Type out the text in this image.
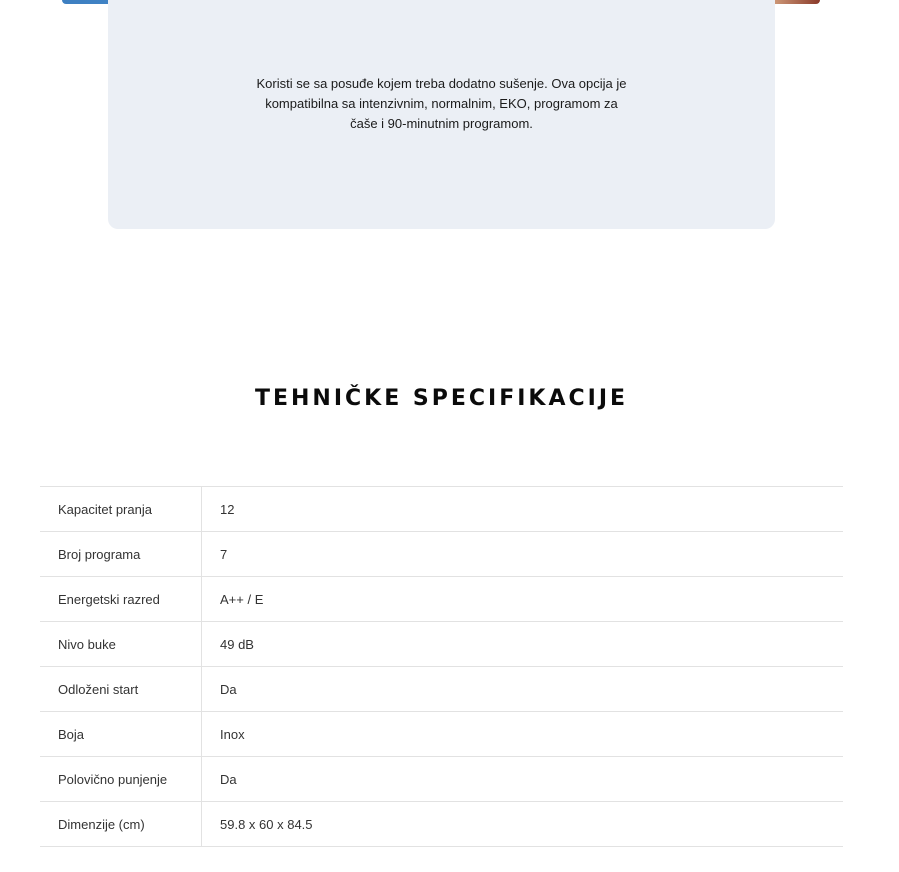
Koristi se sa posuđe kojem treba dodatno sušenje. Ova opcija je kompatibilna sa intenzivnim, normalnim, EKO, programom za čaše i 90-minutnim programom.
TEHNIČKE SPECIFIKACIJE
Kapacitet pranja	12
Broj programa	7
Energetski razred	A++ / E
Nivo buke	49 dB
Odloženi start	Da
Boja	Inox
Polovično punjenje	Da
Dimenzije (cm)	59.8 x 60 x 84.5
